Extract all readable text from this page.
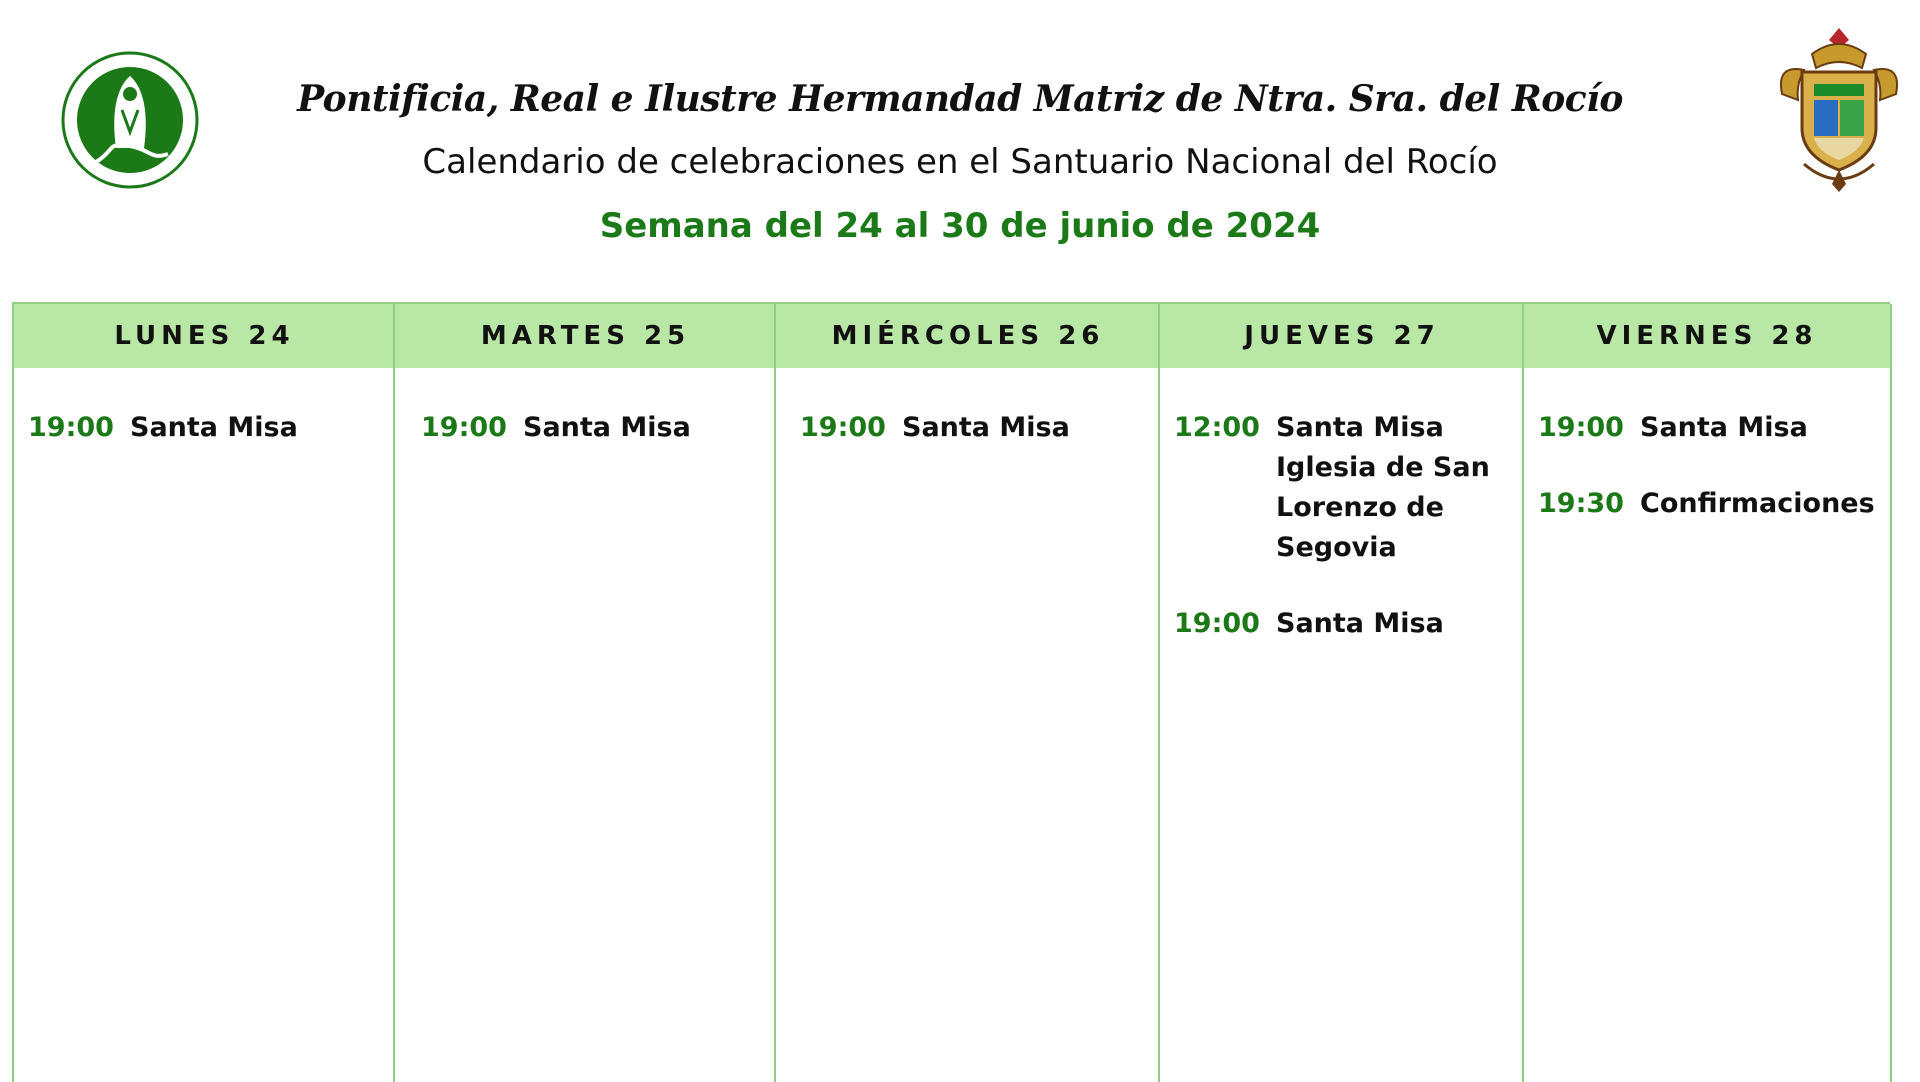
Pontificia, Real e Ilustre Hermandad Matriz de Ntra. Sra. del Rocío
Calendario de celebraciones en el Santuario Nacional del Rocío
Semana del 24 al 30 de junio de 2024
LUNES 24
19:00 Santa Misa
MARTES 25
19:00 Santa Misa
MIÉRCOLES 26
19:00 Santa Misa
JUEVES 27
12:00 Santa Misa
Iglesia de San
Lorenzo de
Segovia
19:00 Santa Misa
VIERNES 28
19:00 Santa Misa
19:30 Confirmaciones
